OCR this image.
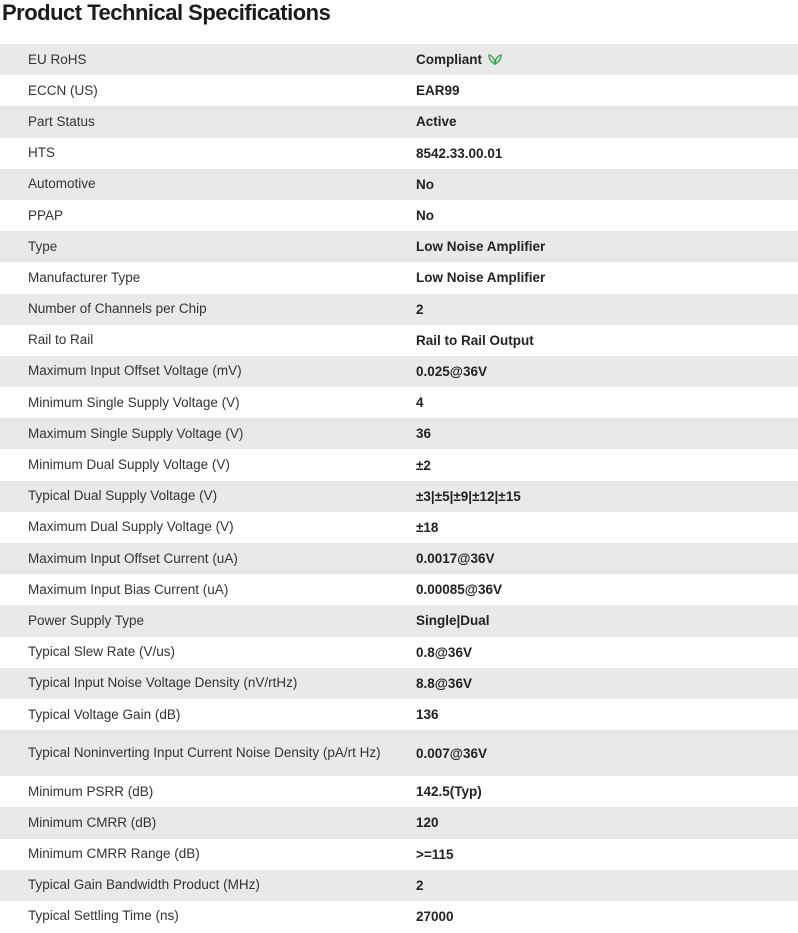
Product Technical Specifications
EU RoHS	Compliant
ECCN (US)	EAR99
Part Status	Active
HTS	8542.33.00.01
Automotive	No
PPAP	No
Type	Low Noise Amplifier
Manufacturer Type	Low Noise Amplifier
Number of Channels per Chip	2
Rail to Rail	Rail to Rail Output
Maximum Input Offset Voltage (mV)	0.025@36V
Minimum Single Supply Voltage (V)	4
Maximum Single Supply Voltage (V)	36
Minimum Dual Supply Voltage (V)	±2
Typical Dual Supply Voltage (V)	±3|±5|±9|±12|±15
Maximum Dual Supply Voltage (V)	±18
Maximum Input Offset Current (uA)	0.0017@36V
Maximum Input Bias Current (uA)	0.00085@36V
Power Supply Type	Single|Dual
Typical Slew Rate (V/us)	0.8@36V
Typical Input Noise Voltage Density (nV/rtHz)	8.8@36V
Typical Voltage Gain (dB)	136
Typical Noninverting Input Current Noise Density (pA/rt Hz)	0.007@36V
Minimum PSRR (dB)	142.5(Typ)
Minimum CMRR (dB)	120
Minimum CMRR Range (dB)	>=115
Typical Gain Bandwidth Product (MHz)	2
Typical Settling Time (ns)	27000
